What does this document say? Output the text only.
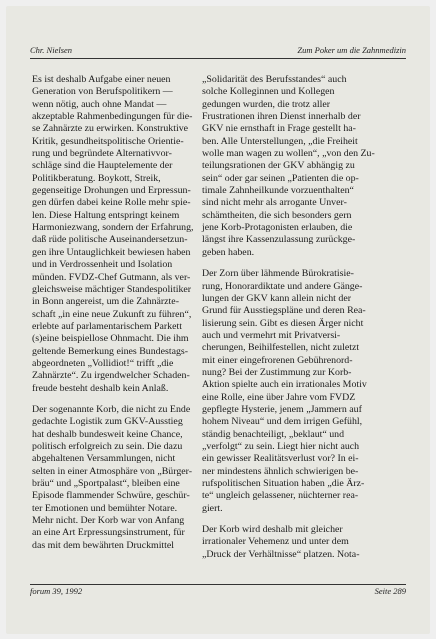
Chr. Nielsen	Zum Poker um die Zahnmedizin

Es ist deshalb Aufgabe einer neuen
Generation von Berufspolitikern —
wenn nötig, auch ohne Mandat —
akzeptable Rahmenbedingungen für die-
se Zahnärzte zu erwirken. Konstruktive
Kritik, gesundheitspolitische Orientie-
rung und begründete Alternativvor-
schläge sind die Hauptelemente der
Politikberatung. Boykott, Streik,
gegenseitige Drohungen und Erpressun-
gen dürfen dabei keine Rolle mehr spie-
len. Diese Haltung entspringt keinem
Harmoniezwang, sondern der Erfahrung,
daß rüde politische Auseinandersetzun-
gen ihre Untauglichkeit bewiesen haben
und in Verdrossenheit und Isolation
münden. FVDZ-Chef Gutmann, als ver-
gleichsweise mächtiger Standespolitiker
in Bonn angereist, um die Zahnärzte-
schaft „in eine neue Zukunft zu führen“,
erlebte auf parlamentarischem Parkett
(s)eine beispiellose Ohnmacht. Die ihm
geltende Bemerkung eines Bundestags-
abgeordneten „Vollidiot!“ trifft „die
Zahnärzte“. Zu irgendwelcher Schaden-
freude besteht deshalb kein Anlaß.

Der sogenannte Korb, die nicht zu Ende
gedachte Logistik zum GKV-Ausstieg
hat deshalb bundesweit keine Chance,
politisch erfolgreich zu sein. Die dazu
abgehaltenen Versammlungen, nicht
selten in einer Atmosphäre von „Bürger-
bräu“ und „Sportpalast“, bleiben eine
Episode flammender Schwüre, geschür-
ter Emotionen und bemühter Notare.
Mehr nicht. Der Korb war von Anfang
an eine Art Erpressungsinstrument, für
das mit dem bewährten Druckmittel

„Solidarität des Berufsstandes“ auch
solche Kolleginnen und Kollegen
gedungen wurden, die trotz aller
Frustrationen ihren Dienst innerhalb der
GKV nie ernsthaft in Frage gestellt ha-
ben. Alle Unterstellungen, „die Freiheit
wolle man wagen zu wollen“, „von den Zu-
teilungsrationen der GKV abhängig zu
sein“ oder gar seinen „Patienten die op-
timale Zahnheilkunde vorzuenthalten“
sind nicht mehr als arrogante Unver-
schämtheiten, die sich besonders gern
jene Korb-Protagonisten erlauben, die
längst ihre Kassenzulassung zurückge-
geben haben.

Der Zorn über lähmende Bürokratisie-
rung, Honorardiktate und andere Gänge-
lungen der GKV kann allein nicht der
Grund für Ausstiegspläne und deren Rea-
lisierung sein. Gibt es diesen Ärger nicht
auch und vermehrt mit Privatversi-
cherungen, Beihilfestellen, nicht zuletzt
mit einer eingefrorenen Gebührenord-
nung? Bei der Zustimmung zur Korb-
Aktion spielte auch ein irrationales Motiv
eine Rolle, eine über Jahre vom FVDZ
gepflegte Hysterie, jenem „Jammern auf
hohem Niveau“ und dem irrigen Gefühl,
ständig benachteiligt, „beklaut“ und
„verfolgt“ zu sein. Liegt hier nicht auch
ein gewisser Realitätsverlust vor? In ei-
ner mindestens ähnlich schwierigen be-
rufspolitischen Situation haben „die Ärz-
te“ ungleich gelassener, nüchterner rea-
giert.

Der Korb wird deshalb mit gleicher
irrationaler Vehemenz und unter dem
„Druck der Verhältnisse“ platzen. Nota-

forum 39, 1992	Seite 289
